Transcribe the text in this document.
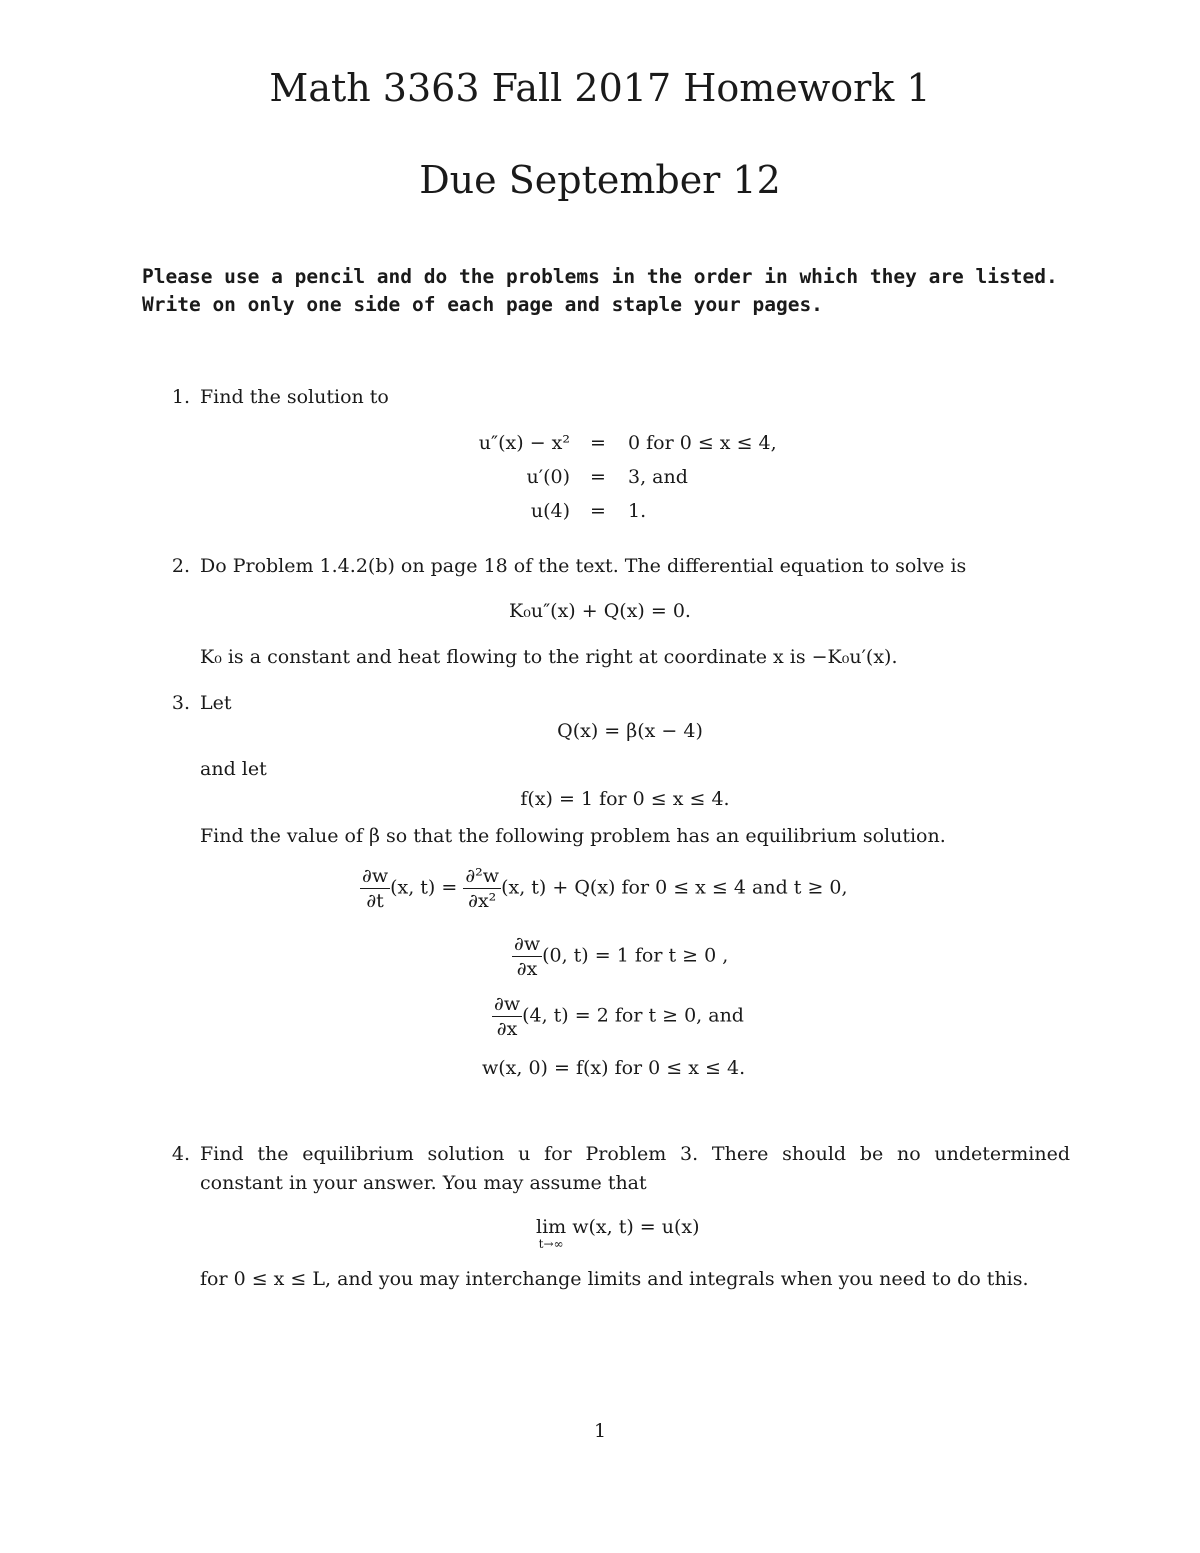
Math 3363 Fall 2017 Homework 1
Due September 12
Please use a pencil and do the problems in the order in which they are listed.
Write on only one side of each page and staple your pages.
1. Find the solution to
u″(x) − x² = 0 for 0 ≤ x ≤ 4,
u′(0) = 3, and
u(4) = 1.
2. Do Problem 1.4.2(b) on page 18 of the text. The differential equation to solve is
K₀u″(x) + Q(x) = 0.
K₀ is a constant and heat flowing to the right at coordinate x is −K₀u′(x).
3. Let
Q(x) = β(x − 4)
and let
f(x) = 1 for 0 ≤ x ≤ 4.
Find the value of β so that the following problem has an equilibrium solution.
$\frac{\partial w}{\partial t} (x$, $t) = \frac{\text{∂²w}}{\text{∂x²}} (x$, t) + Q(x) for 0 ≤ x ≤ 4 and t ≥ 0,
$\frac{\partial w}{\partial x} (0$, t) = 1 for t ≥ 0 ,
$\frac{\partial w}{\partial x} (4$, t) = 2 for t ≥ 0, and
w(x, 0) = f(x) for 0 ≤ x ≤ 4.
4. Find the equilibrium solution u for Problem 3. There should be no undetermined
constant in your answer. You may assume that
lim
t→∞
w(x, t) = u(x)
for 0 ≤ x ≤ L, and you may interchange limits and integrals when you need to do this.
1
